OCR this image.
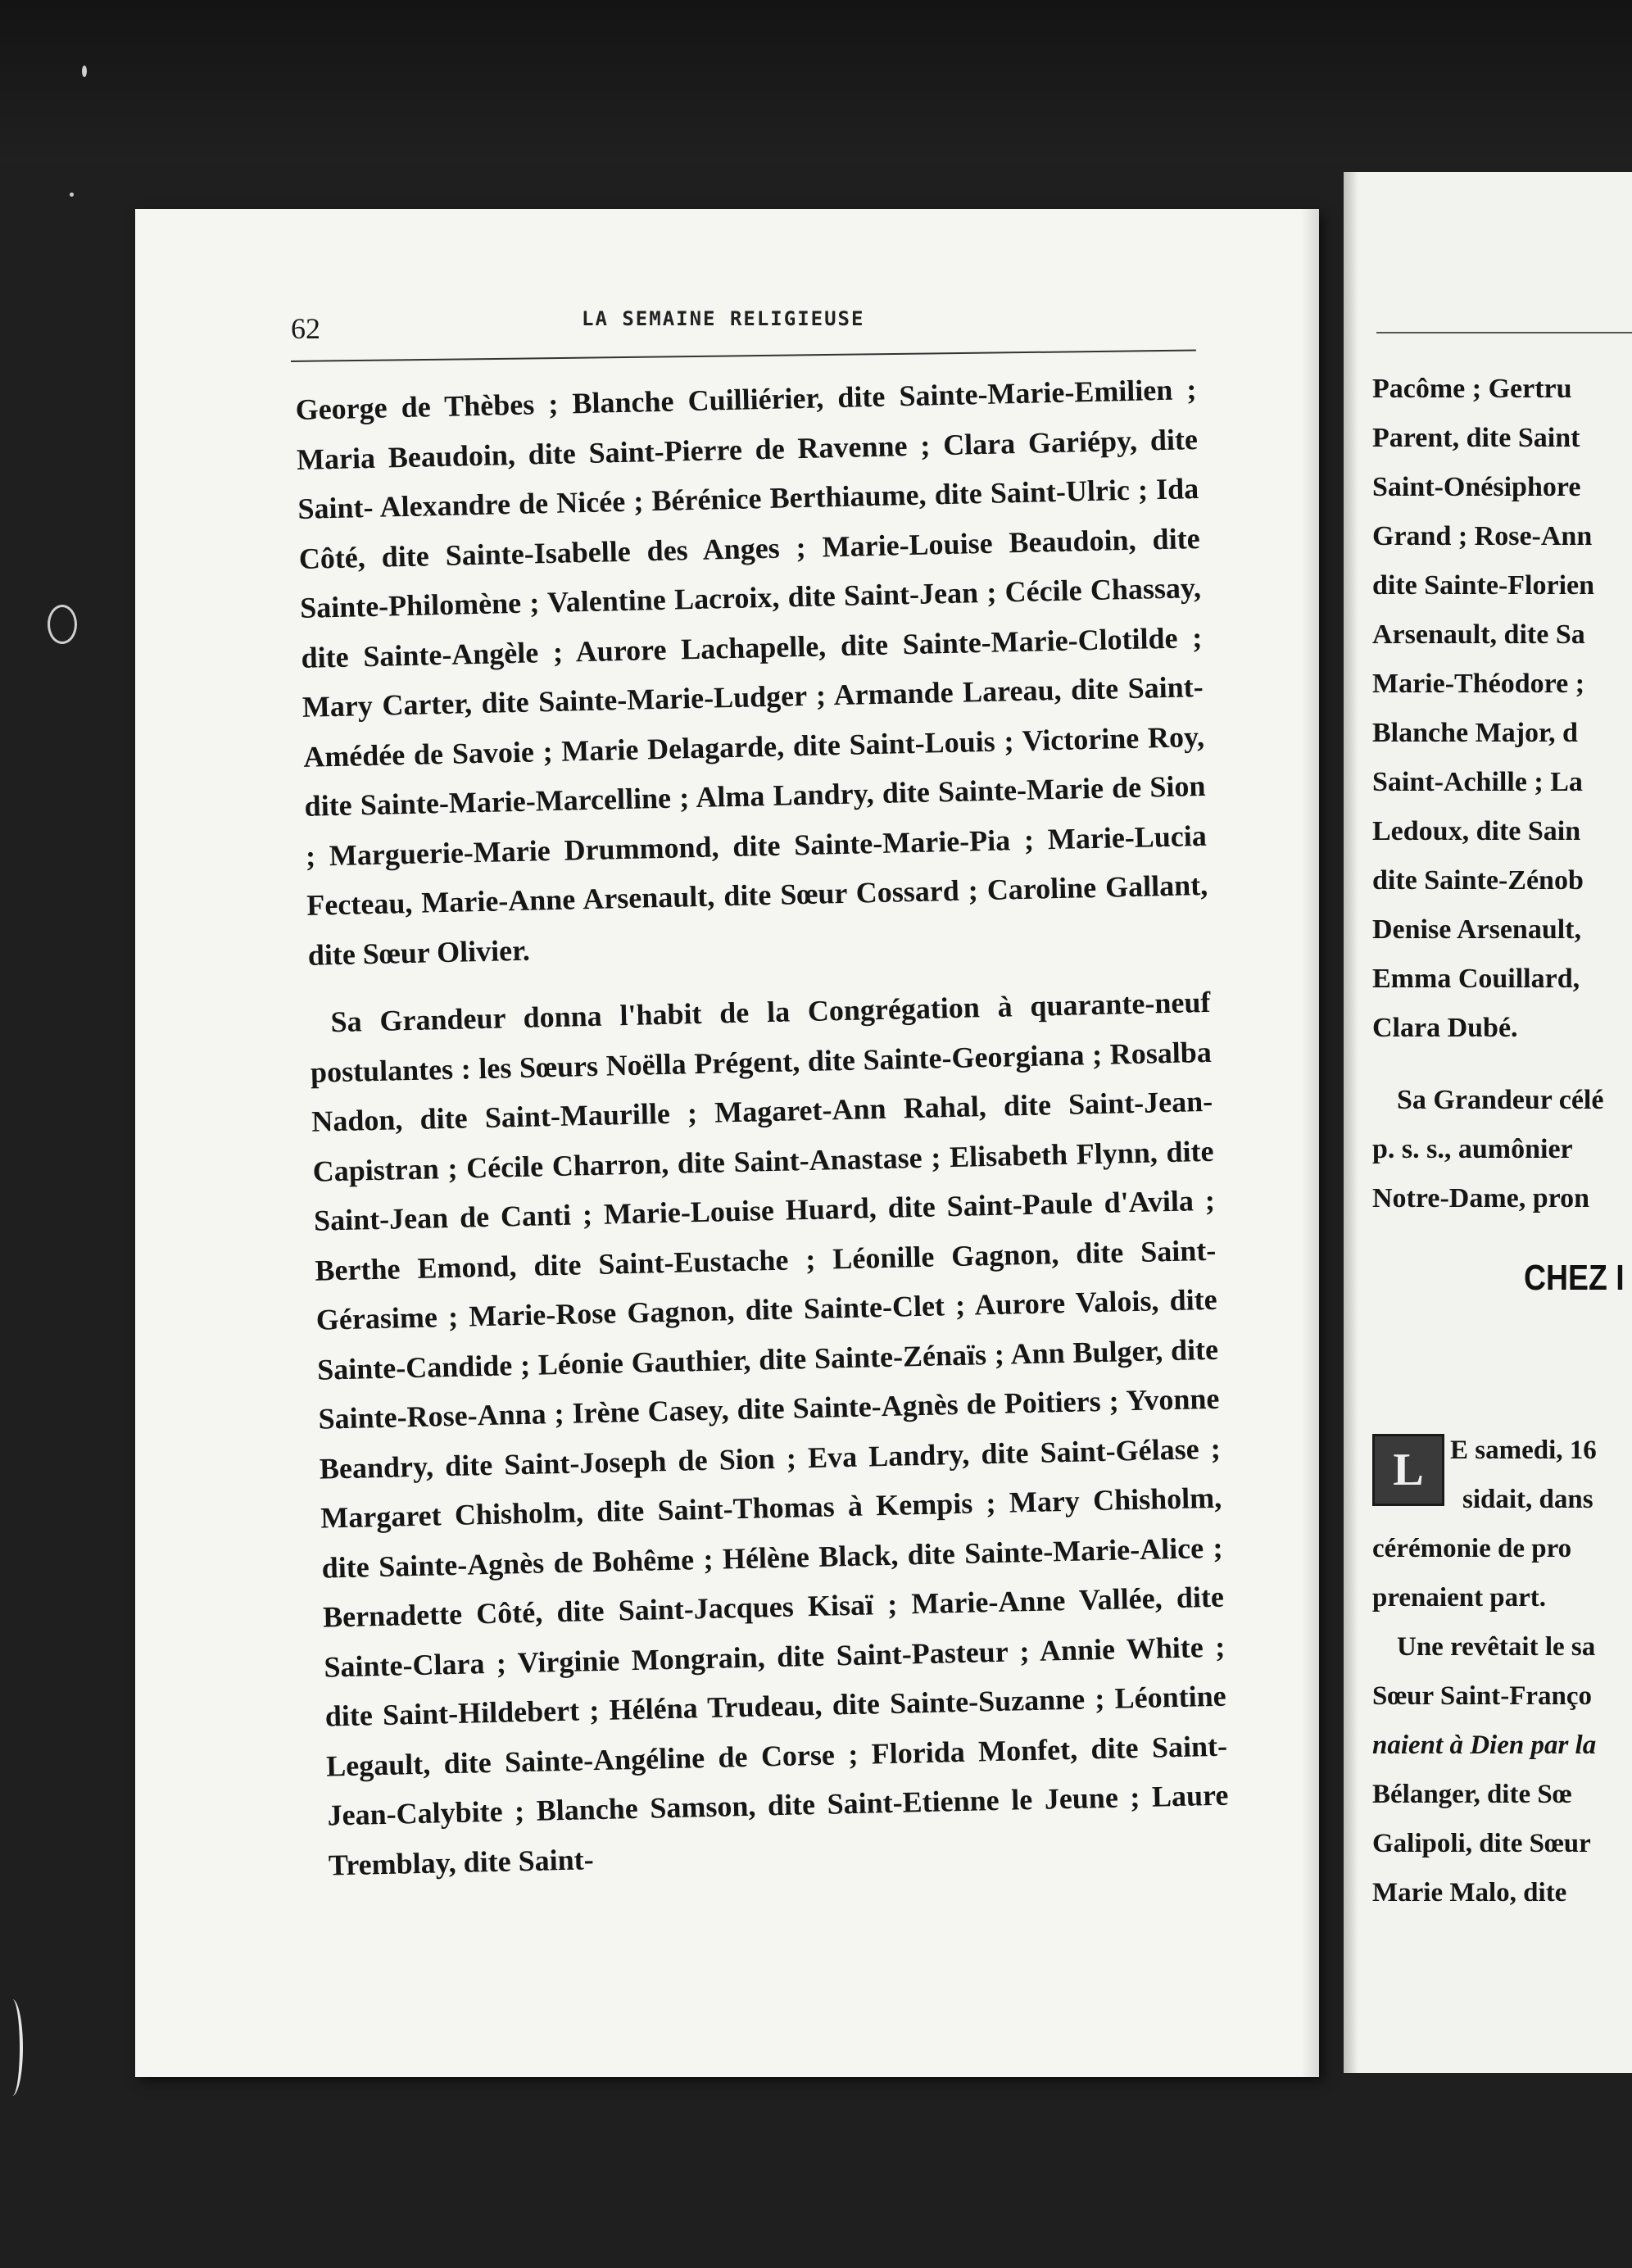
62	LA SEMAINE RELIGIEUSE

George de Thèbes ; Blanche Cuilliérier, dite Sainte-Marie-Emilien ; Maria Beaudoin, dite Saint-Pierre de Ravenne ; Clara Gariépy, dite Saint- Alexandre de Nicée ; Bérénice Berthiaume, dite Saint-Ulric ; Ida Côté, dite Sainte-Isabelle des Anges ; Marie-Louise Beaudoin, dite Sainte-Philomène ; Valentine Lacroix, dite Saint-Jean ; Cécile Chassay, dite Sainte-Angèle ; Aurore Lachapelle, dite Sainte-Marie-Clotilde ; Mary Carter, dite Sainte-Marie-Ludger ; Armande Lareau, dite Saint-Amédée de Savoie ; Marie Delagarde, dite Saint-Louis ; Victorine Roy, dite Sainte-Marie-Marcelline ; Alma Landry, dite Sainte-Marie de Sion ; Marguerie-Marie Drummond, dite Sainte-Marie-Pia ; Marie-Lucia Fecteau, Marie-Anne Arsenault, dite Sœur Cossard ; Caroline Gallant, dite Sœur Olivier.

Sa Grandeur donna l'habit de la Congrégation à quarante-neuf postulantes : les Sœurs Noëlla Prégent, dite Sainte-Georgiana ; Rosalba Nadon, dite Saint-Maurille ; Magaret-Ann Rahal, dite Saint-Jean-Capistran ; Cécile Charron, dite Saint-Anastase ; Elisabeth Flynn, dite Saint-Jean de Canti ; Marie-Louise Huard, dite Saint-Paule d'Avila ; Berthe Emond, dite Saint-Eustache ; Léonille Gagnon, dite Saint-Gérasime ; Marie-Rose Gagnon, dite Sainte-Clet ; Aurore Valois, dite Sainte-Candide ; Léonie Gauthier, dite Sainte-Zénaïs ; Ann Bulger, dite Sainte-Rose-Anna ; Irène Casey, dite Sainte-Agnès de Poitiers ; Yvonne Beandry, dite Saint-Joseph de Sion ; Eva Landry, dite Saint-Gélase ; Margaret Chisholm, dite Saint-Thomas à Kempis ; Mary Chisholm, dite Sainte-Agnès de Bohême ; Hélène Black, dite Sainte-Marie-Alice ; Bernadette Côté, dite Saint-Jacques Kisaï ; Marie-Anne Vallée, dite Sainte-Clara ; Virginie Mongrain, dite Saint-Pasteur ; Annie White ; dite Saint-Hildebert ; Héléna Trudeau, dite Sainte-Suzanne ; Léontine Legault, dite Sainte-Angéline de Corse ; Florida Monfet, dite Saint-Jean-Calybite ; Blanche Samson, dite Saint-Etienne le Jeune ; Laure Tremblay, dite Saint-

Pacôme ; Gertru
Parent, dite Saint
Saint-Onésiphore
Grand ; Rose-Ann
dite Sainte-Florien
Arsenault, dite Sa
Marie-Théodore ;
Blanche Major, d
Saint-Achille ; La
Ledoux, dite Sain
dite Sainte-Zénob
Denise Arsenault,
Emma Couillard,
Clara Dubé.
Sa Grandeur célé
p. s. s., aumônier
Notre-Dame, pron
CHEZ I
L E samedi, 16
sidait, dans
cérémonie de pro
prenaient part.
Une revêtait le sa
Sœur Saint-Franço
naient à Dien par la
Bélanger, dite Sœ
Galipoli, dite Sœur
Marie Malo, dite
